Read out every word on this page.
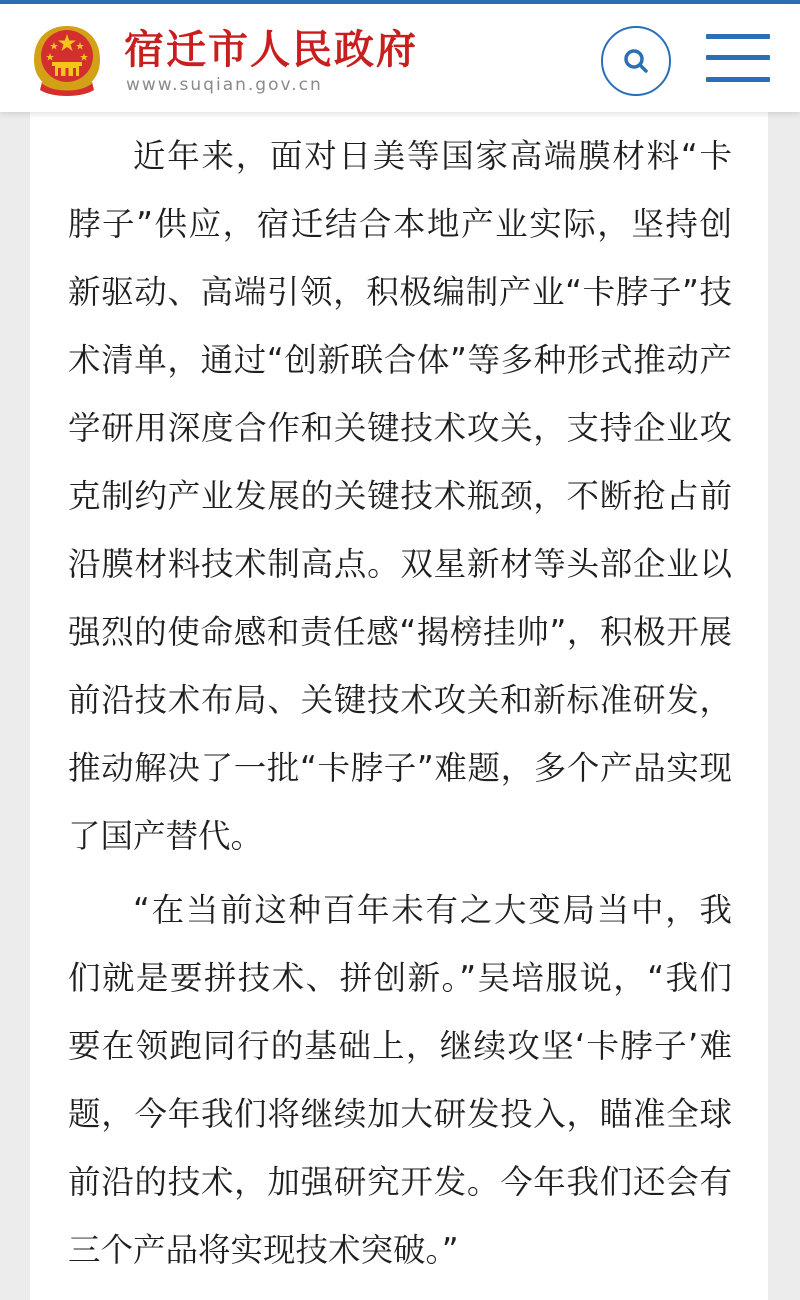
宿迁市人民政府
www.suqian.gov.cn

近年来，面对日美等国家高端膜材料“卡脖子”供应，宿迁结合本地产业实际，坚持创新驱动、高端引领，积极编制产业“卡脖子”技术清单，通过“创新联合体”等多种形式推动产学研用深度合作和关键技术攻关，支持企业攻克制约产业发展的关键技术瓶颈，不断抢占前沿膜材料技术制高点。双星新材等头部企业以强烈的使命感和责任感“揭榜挂帅”，积极开展前沿技术布局、关键技术攻关和新标准研发，推动解决了一批“卡脖子”难题，多个产品实现了国产替代。

“在当前这种百年未有之大变局当中，我们就是要拼技术、拼创新。”吴培服说，“我们要在领跑同行的基础上，继续攻坚‘卡脖子’难题，今年我们将继续加大研发投入，瞄准全球前沿的技术，加强研究开发。今年我们还会有三个产品将实现技术突破。”
